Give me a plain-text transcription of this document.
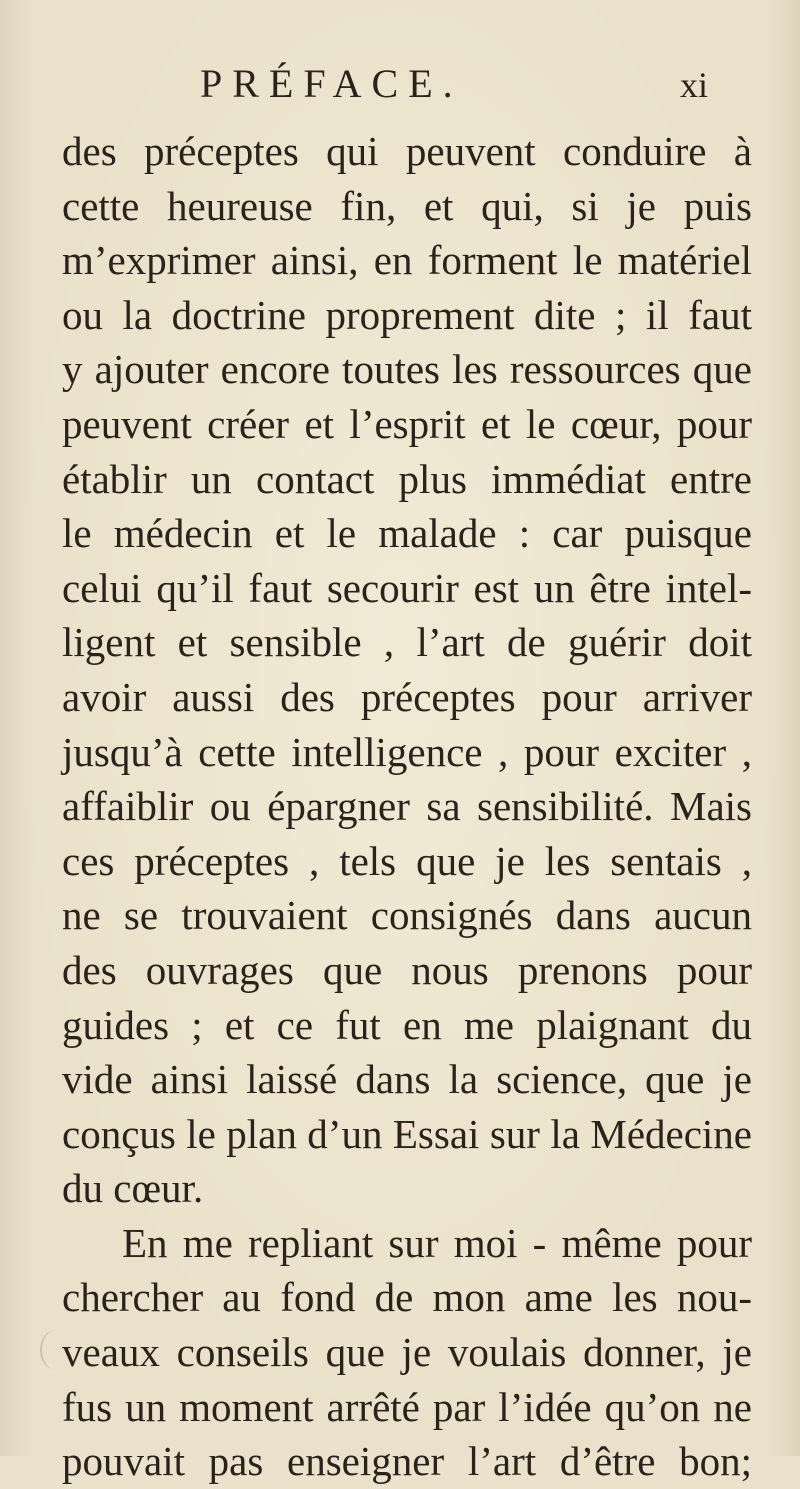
PRÉFACE.	xi
des préceptes qui peuvent conduire à
cette heureuse fin, et qui, si je puis
m’exprimer ainsi, en forment le matériel
ou la doctrine proprement dite ; il faut
y ajouter encore toutes les ressources que
peuvent créer et l’esprit et le cœur, pour
établir un contact plus immédiat entre
le médecin et le malade : car puisque
celui qu’il faut secourir est un être intel-
ligent et sensible , l’art de guérir doit
avoir aussi des préceptes pour arriver
jusqu’à cette intelligence , pour exciter ,
affaiblir ou épargner sa sensibilité. Mais
ces préceptes , tels que je les sentais ,
ne se trouvaient consignés dans aucun
des ouvrages que nous prenons pour
guides ; et ce fut en me plaignant du
vide ainsi laissé dans la science, que je
conçus le plan d’un Essai sur la Médecine
du cœur.
En me repliant sur moi - même pour
chercher au fond de mon ame les nou-
veaux conseils que je voulais donner, je
fus un moment arrêté par l’idée qu’on ne
pouvait pas enseigner l’art d’être bon;
